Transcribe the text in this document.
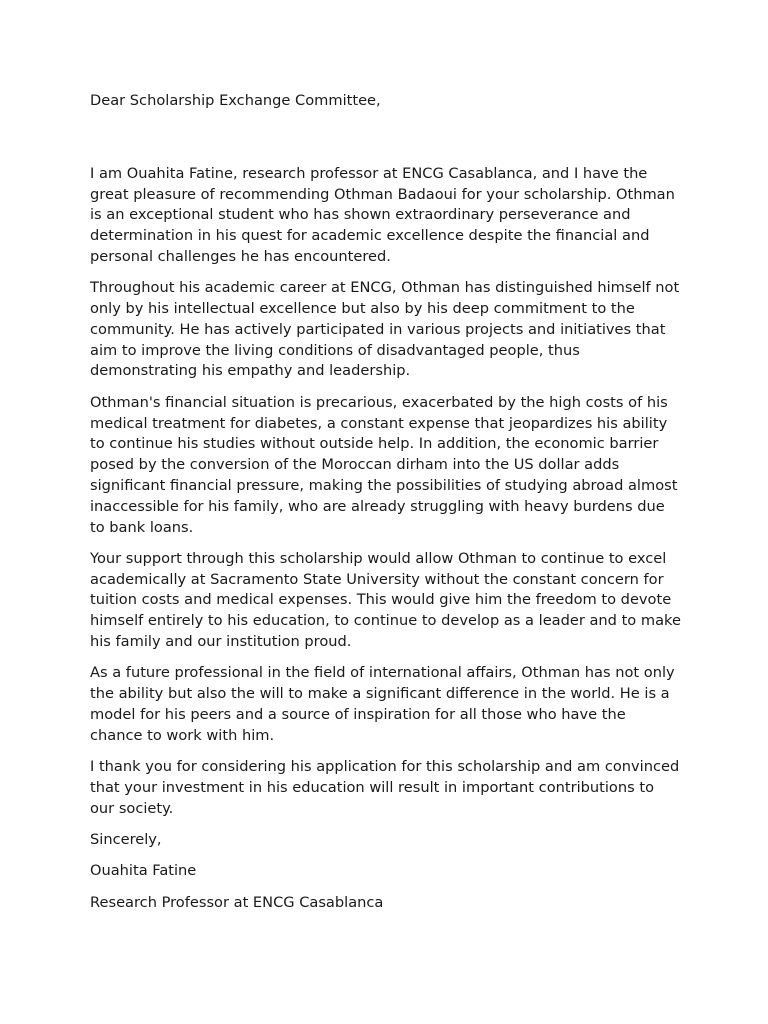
Dear Scholarship Exchange Committee,

I am Ouahita Fatine, research professor at ENCG Casablanca, and I have the great pleasure of recommending Othman Badaoui for your scholarship. Othman is an exceptional student who has shown extraordinary perseverance and determination in his quest for academic excellence despite the financial and personal challenges he has encountered.

Throughout his academic career at ENCG, Othman has distinguished himself not only by his intellectual excellence but also by his deep commitment to the community. He has actively participated in various projects and initiatives that aim to improve the living conditions of disadvantaged people, thus demonstrating his empathy and leadership.

Othman's financial situation is precarious, exacerbated by the high costs of his medical treatment for diabetes, a constant expense that jeopardizes his ability to continue his studies without outside help. In addition, the economic barrier posed by the conversion of the Moroccan dirham into the US dollar adds significant financial pressure, making the possibilities of studying abroad almost inaccessible for his family, who are already struggling with heavy burdens due to bank loans.

Your support through this scholarship would allow Othman to continue to excel academically at Sacramento State University without the constant concern for tuition costs and medical expenses. This would give him the freedom to devote himself entirely to his education, to continue to develop as a leader and to make his family and our institution proud.

As a future professional in the field of international affairs, Othman has not only the ability but also the will to make a significant difference in the world. He is a model for his peers and a source of inspiration for all those who have the chance to work with him.

I thank you for considering his application for this scholarship and am convinced that your investment in his education will result in important contributions to our society.

Sincerely,

Ouahita Fatine

Research Professor at ENCG Casablanca
